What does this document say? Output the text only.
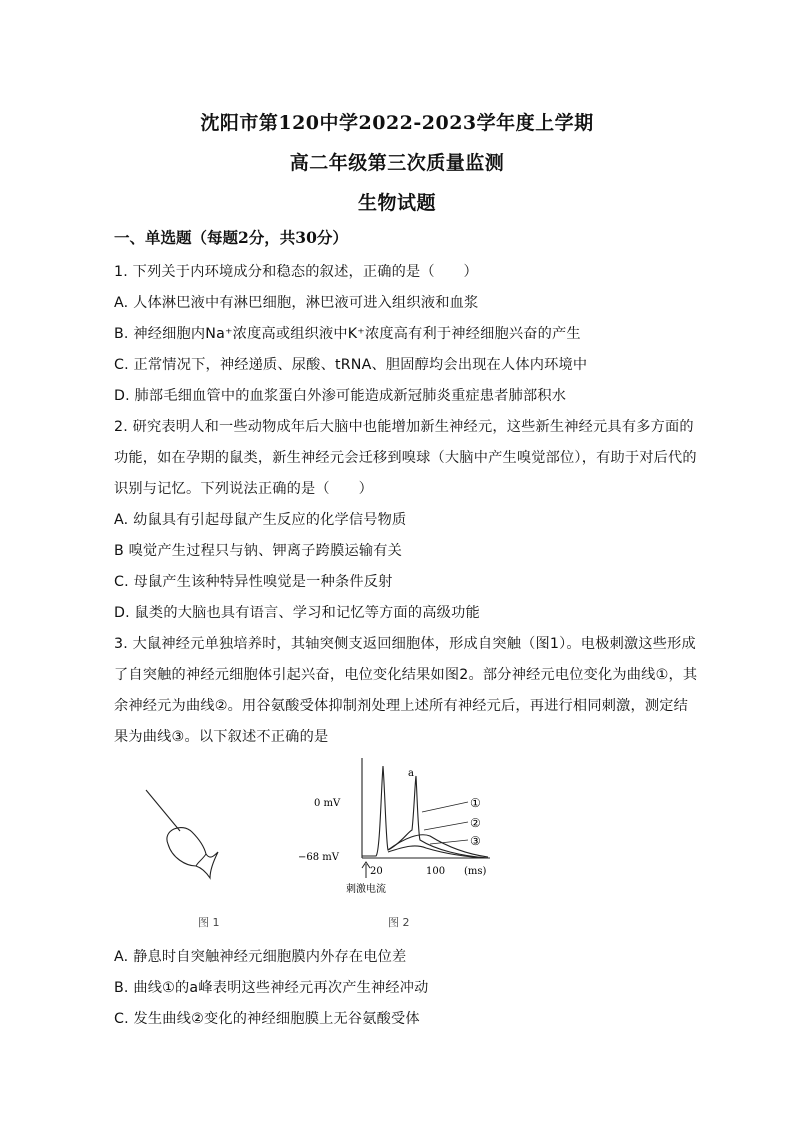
沈阳市第120中学2022-2023学年度上学期
高二年级第三次质量监测
生物试题
一、单选题（每题2分，共30分）
1. 下列关于内环境成分和稳态的叙述，正确的是（　　）
A. 人体淋巴液中有淋巴细胞，淋巴液可进入组织液和血浆
B. 神经细胞内Na⁺浓度高或组织液中K⁺浓度高有利于神经细胞兴奋的产生
C. 正常情况下，神经递质、尿酸、tRNA、胆固醇均会出现在人体内环境中
D. 肺部毛细血管中的血浆蛋白外渗可能造成新冠肺炎重症患者肺部积水
2. 研究表明人和一些动物成年后大脑中也能增加新生神经元，这些新生神经元具有多方面的
功能，如在孕期的鼠类，新生神经元会迁移到嗅球（大脑中产生嗅觉部位），有助于对后代的
识别与记忆。下列说法正确的是（　　）
A. 幼鼠具有引起母鼠产生反应的化学信号物质
B 嗅觉产生过程只与钠、钾离子跨膜运输有关
C. 母鼠产生该种特异性嗅觉是一种条件反射
D. 鼠类的大脑也具有语言、学习和记忆等方面的高级功能
3. 大鼠神经元单独培养时，其轴突侧支返回细胞体，形成自突触（图1）。电极刺激这些形成
了自突触的神经元细胞体引起兴奋，电位变化结果如图2。部分神经元电位变化为曲线①，其
余神经元为曲线②。用谷氨酸受体抑制剂处理上述所有神经元后，再进行相同刺激，测定结
果为曲线③。以下叙述不正确的是
图 1
0 mV
−68 mV
20	100 (ms)
刺激电流
a
①
②
③
图 2
A. 静息时自突触神经元细胞膜内外存在电位差
B. 曲线①的a峰表明这些神经元再次产生神经冲动
C. 发生曲线②变化的神经细胞膜上无谷氨酸受体
